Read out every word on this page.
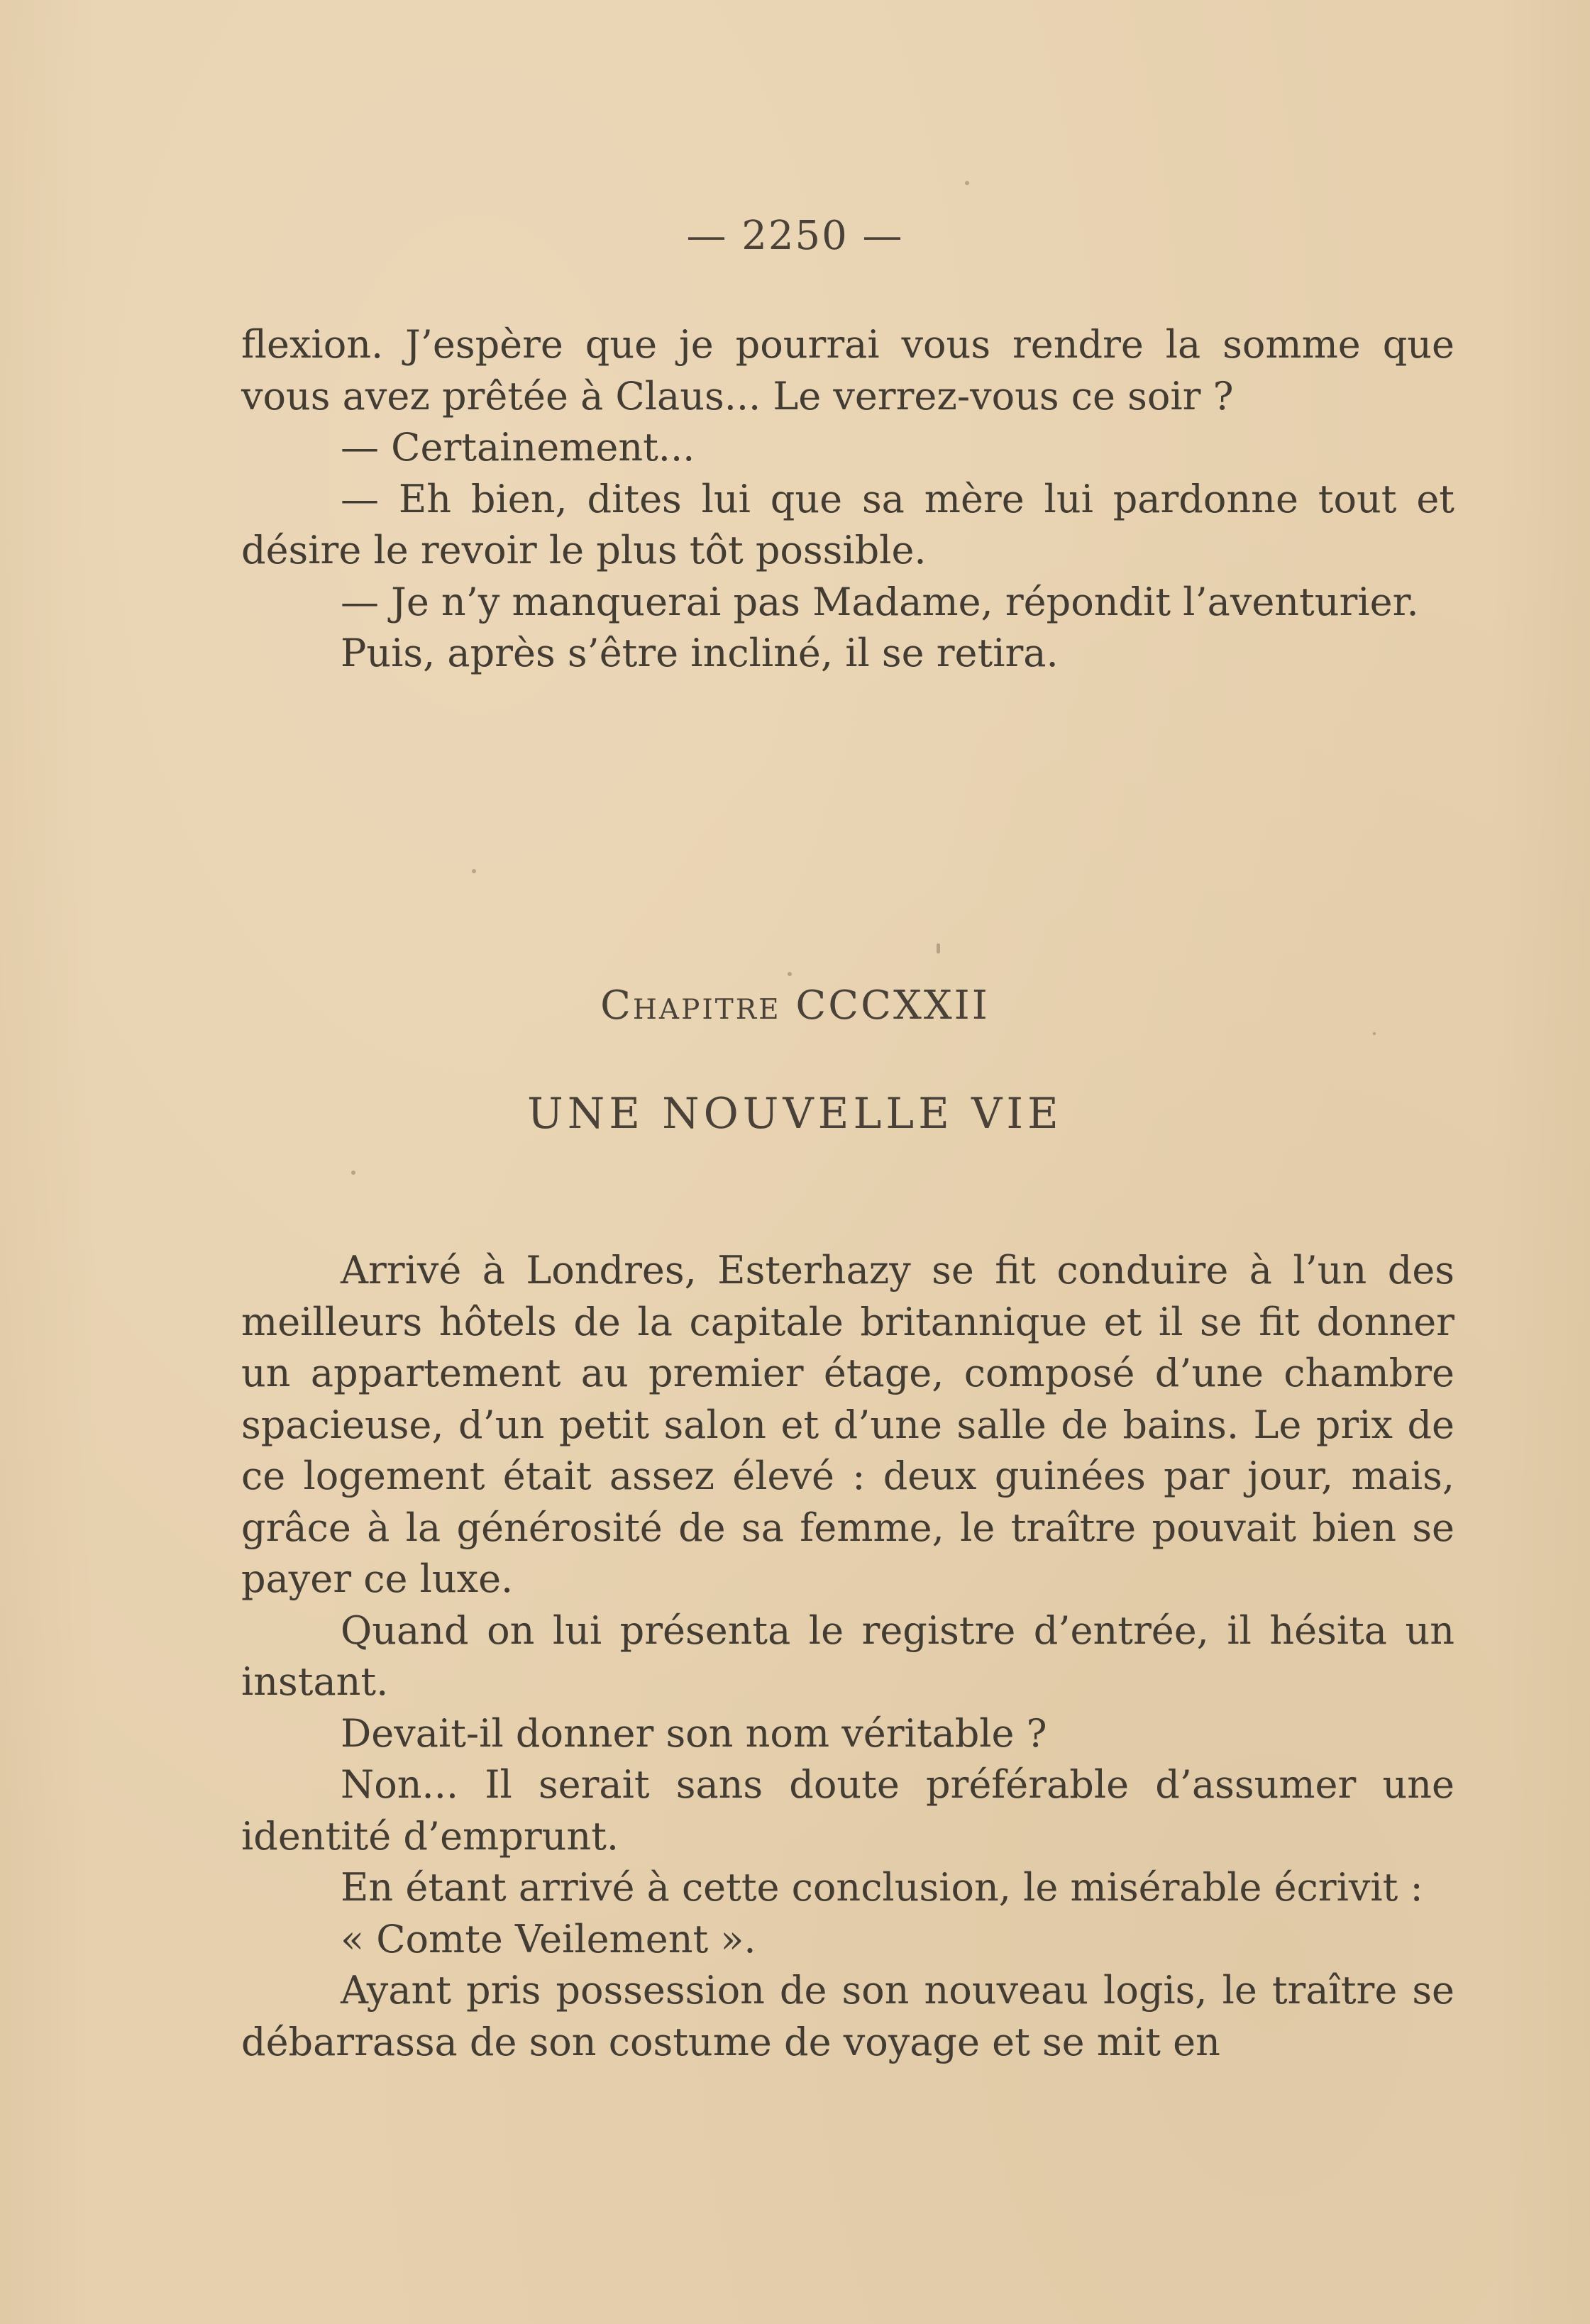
— 2250 —

flexion. J’espère que je pourrai vous rendre la somme que vous avez prêtée à Claus... Le verrez-vous ce soir ?

— Certainement...

— Eh bien, dites lui que sa mère lui pardonne tout et désire le revoir le plus tôt possible.

— Je n’y manquerai pas Madame, répondit l’aventurier.

Puis, après s’être incliné, il se retira.

Chapitre CCCXXII
UNE NOUVELLE VIE

Arrivé à Londres, Esterhazy se fit conduire à l’un des meilleurs hôtels de la capitale britannique et il se fit donner un appartement au premier étage, composé d’une chambre spacieuse, d’un petit salon et d’une salle de bains. Le prix de ce logement était assez élevé : deux guinées par jour, mais, grâce à la générosité de sa femme, le traître pouvait bien se payer ce luxe.

Quand on lui présenta le registre d’entrée, il hésita un instant.

Devait-il donner son nom véritable ?

Non... Il serait sans doute préférable d’assumer une identité d’emprunt.

En étant arrivé à cette conclusion, le misérable écrivit :

« Comte Veilement ».

Ayant pris possession de son nouveau logis, le traître se débarrassa de son costume de voyage et se mit en
